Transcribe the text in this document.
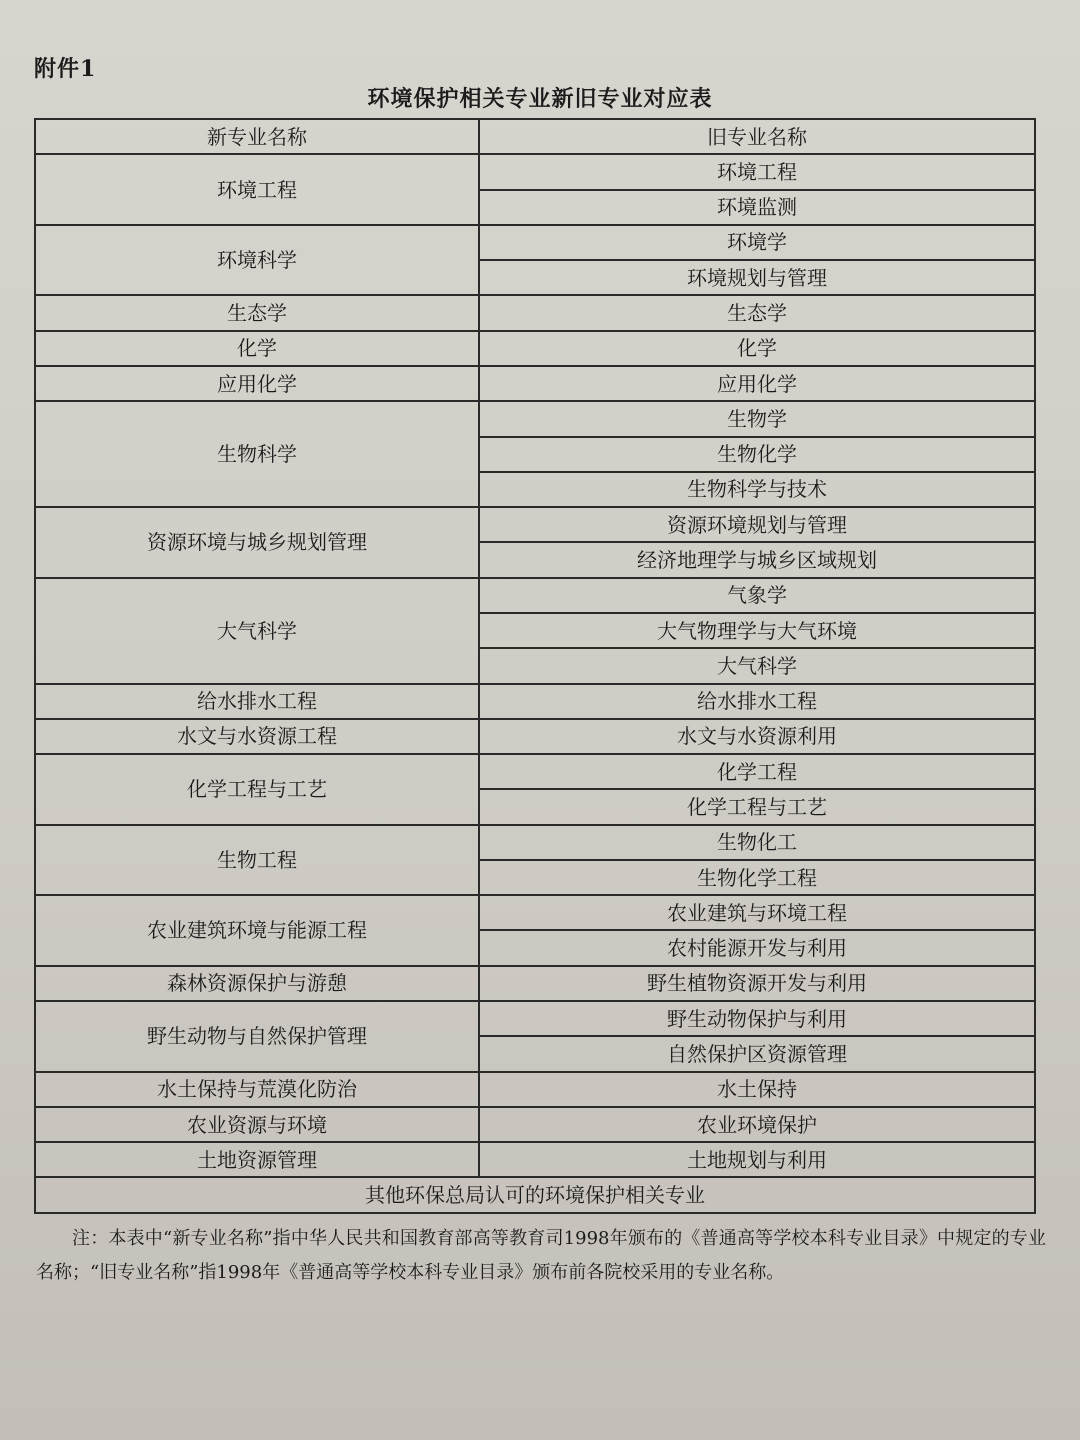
附件1
环境保护相关专业新旧专业对应表
新专业名称	旧专业名称
环境工程	环境工程
	环境监测
环境科学	环境学
	环境规划与管理
生态学	生态学
化学	化学
应用化学	应用化学
生物科学	生物学
	生物化学
	生物科学与技术
资源环境与城乡规划管理	资源环境规划与管理
	经济地理学与城乡区域规划
大气科学	气象学
	大气物理学与大气环境
	大气科学
给水排水工程	给水排水工程
水文与水资源工程	水文与水资源利用
化学工程与工艺	化学工程
	化学工程与工艺
生物工程	生物化工
	生物化学工程
农业建筑环境与能源工程	农业建筑与环境工程
	农村能源开发与利用
森林资源保护与游憩	野生植物资源开发与利用
野生动物与自然保护管理	野生动物保护与利用
	自然保护区资源管理
水土保持与荒漠化防治	水土保持
农业资源与环境	农业环境保护
土地资源管理	土地规划与利用
其他环保总局认可的环境保护相关专业	
注：本表中“新专业名称”指中华人民共和国教育部高等教育司1998年颁布的《普通高等学校本科专业目录》中规定的专业名称；“旧专业名称”指1998年《普通高等学校本科专业目录》颁布前各院校采用的专业名称。
